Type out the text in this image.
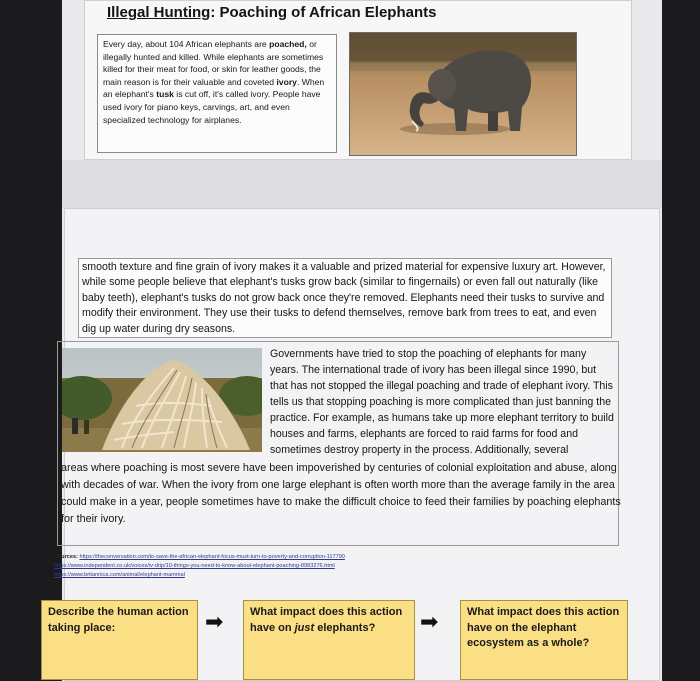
Illegal Hunting: Poaching of African Elephants
Every day, about 104 African elephants are poached, or illegally hunted and killed. While elephants are sometimes killed for their meat for food, or skin for leather goods, the main reason is for their valuable and coveted ivory. When an elephant's tusk is cut off, it's called ivory. People have used ivory for piano keys, carvings, art, and even specialized technology for airplanes.
smooth texture and fine grain of ivory makes it a valuable and prized material for expensive luxury art. However, while some people believe that elephant's tusks grow back (similar to fingernails) or even fall out naturally (like baby teeth), elephant's tusks do not grow back once they're removed. Elephants need their tusks to survive and modify their environment. They use their tusks to defend themselves, remove bark from trees to eat, and even dig up water during dry seasons.
Governments have tried to stop the poaching of elephants for many years. The international trade of ivory has been illegal since 1990, but that has not stopped the illegal poaching and trade of elephant ivory. This tells us that stopping poaching is more complicated than just banning the practice. For example, as humans take up more elephant territory to build houses and farms, elephants are forced to raid farms for food and sometimes destroy property in the process. Additionally, several
areas where poaching is most severe have been impoverished by centuries of colonial exploitation and abuse, along with decades of war. When the ivory from one large elephant is often worth more than the average family in the area could make in a year, people sometimes have to make the difficult choice to feed their families by poaching elephants for their ivory.
Sources: https://theconversation.com/to-save-the-african-elephant-focus-must-turn-to-poverty-and-corruption-117790
https://www.independent.co.uk/voices/iv-drip/10-things-you-need-to-know-about-elephant-poaching-8983276.html
https://www.britannica.com/animal/elephant-mammal
Describe the human action taking place:	➡	What impact does this action have on just elephants?	➡	What impact does this action have on the elephant ecosystem as a whole?
